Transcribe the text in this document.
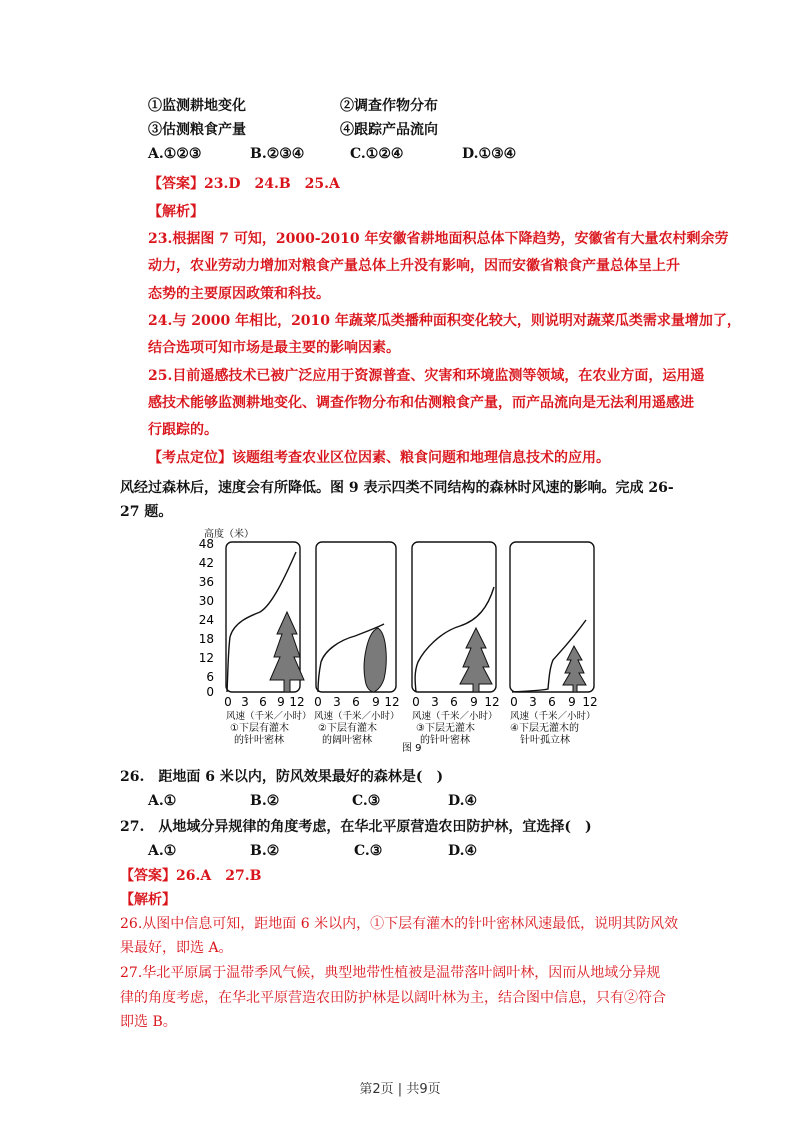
①监测耕地变化	②调查作物分布
③估测粮食产量	④跟踪产品流向
A.①②③	B.②③④	C.①②④	D.①③④
【答案】23.D　24.B　25.A
【解析】
23.根据图 7 可知，2000-2010 年安徽省耕地面积总体下降趋势，安徽省有大量农村剩余劳
动力，农业劳动力增加对粮食产量总体上升没有影响，因而安徽省粮食产量总体呈上升
态势的主要原因政策和科技。
24.与 2000 年相比，2010 年蔬菜瓜类播种面积变化较大，则说明对蔬菜瓜类需求量增加了，
结合选项可知市场是最主要的影响因素。
25.目前遥感技术已被广泛应用于资源普查、灾害和环境监测等领域，在农业方面，运用遥
感技术能够监测耕地变化、调查作物分布和估测粮食产量，而产品流向是无法利用遥感进
行跟踪的。
【考点定位】该题组考查农业区位因素、粮食问题和地理信息技术的应用。
风经过森林后，速度会有所降低。图 9 表示四类不同结构的森林时风速的影响。完成 26-
27 题。
高度（米）
48
42
36
30
24
18
12
6
0
0 3 6 9 12
风速（千米／小时）
①下层有灌木
的针叶密林
0 3 6 9 12
风速（千米／小时）
②下层有灌木
的阔叶密林
0 3 6 9 12
风速（千米／小时）
③下层无灌木
的针叶密林
0 3 6 9 12
风速（千米／小时）
④下层无灌木的
针叶孤立林
图 9
26.　距地面 6 米以内，防风效果最好的森林是(　)
A.①	B.②	C.③	D.④
27.　从地域分异规律的角度考虑，在华北平原营造农田防护林，宜选择(　)
A.①	B.②	C.③	D.④
【答案】26.A　27.B
【解析】
26.从图中信息可知，距地面 6 米以内，①下层有灌木的针叶密林风速最低，说明其防风效
果最好，即选 A。
27.华北平原属于温带季风气候，典型地带性植被是温带落叶阔叶林，因而从地域分异规
律的角度考虑，在华北平原营造农田防护林是以阔叶林为主，结合图中信息，只有②符合
即选 B。
第2页 | 共9页
